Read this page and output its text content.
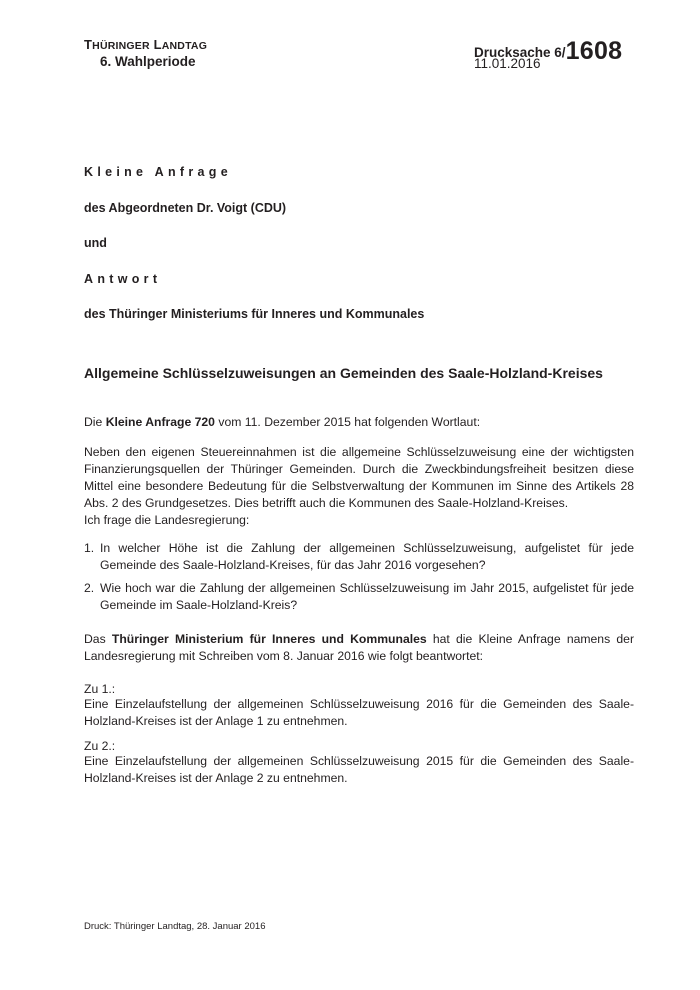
THÜRINGER LANDTAG
6. Wahlperiode
Drucksache 6/1608
11.01.2016
Kleine Anfrage
des Abgeordneten Dr. Voigt (CDU)
und
Antwort
des Thüringer Ministeriums für Inneres und Kommunales
Allgemeine Schlüsselzuweisungen an Gemeinden des Saale-Holzland-Kreises
Die Kleine Anfrage 720 vom 11. Dezember 2015 hat folgenden Wortlaut:
Neben den eigenen Steuereinnahmen ist die allgemeine Schlüsselzuweisung eine der wichtigsten Finanzierungsquellen der Thüringer Gemeinden. Durch die Zweckbindungsfreiheit besitzen diese Mittel eine besondere Bedeutung für die Selbstverwaltung der Kommunen im Sinne des Artikels 28 Abs. 2 des Grundgesetzes. Dies betrifft auch die Kommunen des Saale-Holzland-Kreises.
Ich frage die Landesregierung:
1. In welcher Höhe ist die Zahlung der allgemeinen Schlüsselzuweisung, aufgelistet für jede Gemeinde des Saale-Holzland-Kreises, für das Jahr 2016 vorgesehen?
2. Wie hoch war die Zahlung der allgemeinen Schlüsselzuweisung im Jahr 2015, aufgelistet für jede Gemeinde im Saale-Holzland-Kreis?
Das Thüringer Ministerium für Inneres und Kommunales hat die Kleine Anfrage namens der Landesregierung mit Schreiben vom 8. Januar 2016 wie folgt beantwortet:
Zu 1.:
Eine Einzelaufstellung der allgemeinen Schlüsselzuweisung 2016 für die Gemeinden des Saale-Holzland-Kreises ist der Anlage 1 zu entnehmen.
Zu 2.:
Eine Einzelaufstellung der allgemeinen Schlüsselzuweisung 2015 für die Gemeinden des Saale-Holzland-Kreises ist der Anlage 2 zu entnehmen.
Druck: Thüringer Landtag, 28. Januar 2016
